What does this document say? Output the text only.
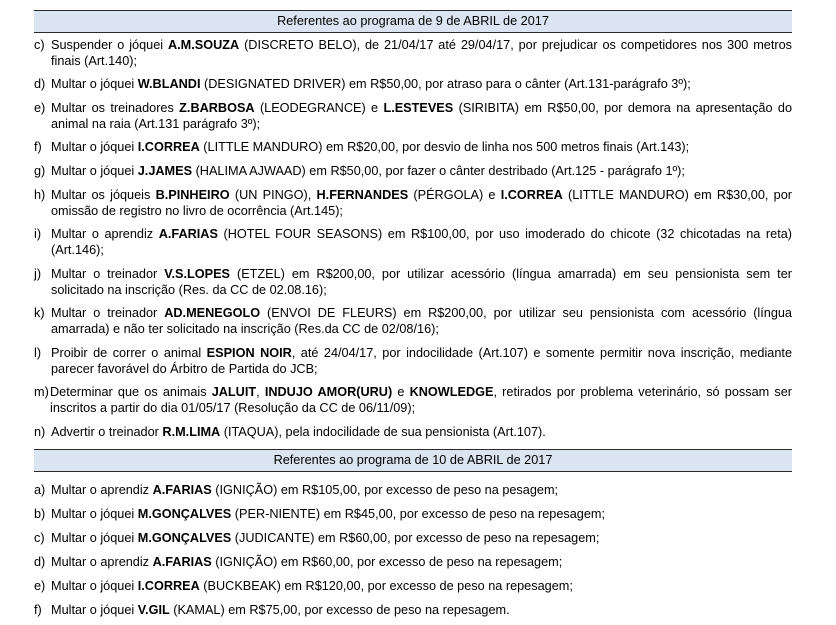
Referentes ao programa de 9 de ABRIL de 2017
c) Suspender o jóquei A.M.SOUZA (DISCRETO BELO), de 21/04/17 até 29/04/17, por prejudicar os competidores nos 300 metros finais (Art.140);
d) Multar o jóquei W.BLANDI (DESIGNATED DRIVER) em R$50,00, por atraso para o cânter (Art.131-parágrafo 3º);
e) Multar os treinadores Z.BARBOSA (LEODEGRANCE) e L.ESTEVES (SIRIBITA) em R$50,00, por demora na apresentação do animal na raia (Art.131 parágrafo 3º);
f) Multar o jóquei I.CORREA (LITTLE MANDURO) em R$20,00, por desvio de linha nos 500 metros finais (Art.143);
g) Multar o jóquei J.JAMES (HALIMA AJWAAD) em R$50,00, por fazer o cânter destribado (Art.125 - parágrafo 1º);
h) Multar os jóqueis B.PINHEIRO (UN PINGO), H.FERNANDES (PÉRGOLA) e I.CORREA (LITTLE MANDURO) em R$30,00, por omissão de registro no livro de ocorrência (Art.145);
i) Multar o aprendiz A.FARIAS (HOTEL FOUR SEASONS) em R$100,00, por uso imoderado do chicote (32 chicotadas na reta) (Art.146);
j) Multar o treinador V.S.LOPES (ETZEL) em R$200,00, por utilizar acessório (língua amarrada) em seu pensionista sem ter solicitado na inscrição (Res. da CC de 02.08.16);
k) Multar o treinador AD.MENEGOLO (ENVOI DE FLEURS) em R$200,00, por utilizar seu pensionista com acessório (língua amarrada) e não ter solicitado na inscrição (Res.da CC de 02/08/16);
l) Proibir de correr o animal ESPION NOIR, até 24/04/17, por indocilidade (Art.107) e somente permitir nova inscrição, mediante parecer favorável do Árbitro de Partida do JCB;
m) Determinar que os animais JALUIT, INDUJO AMOR(URU) e KNOWLEDGE, retirados por problema veterinário, só possam ser inscritos a partir do dia 01/05/17 (Resolução da CC de 06/11/09);
n) Advertir o treinador R.M.LIMA (ITAQUA), pela indocilidade de sua pensionista (Art.107).
Referentes ao programa de 10 de ABRIL de 2017
a) Multar o aprendiz A.FARIAS (IGNIÇÃO) em R$105,00, por excesso de peso na pesagem;
b) Multar o jóquei M.GONÇALVES (PER-NIENTE) em R$45,00, por excesso de peso na repesagem;
c) Multar o jóquei M.GONÇALVES (JUDICANTE) em R$60,00, por excesso de peso na repesagem;
d) Multar o aprendiz A.FARIAS (IGNIÇÃO) em R$60,00, por excesso de peso na repesagem;
e) Multar o jóquei I.CORREA (BUCKBEAK) em R$120,00, por excesso de peso na repesagem;
f) Multar o jóquei V.GIL (KAMAL) em R$75,00, por excesso de peso na repesagem.
